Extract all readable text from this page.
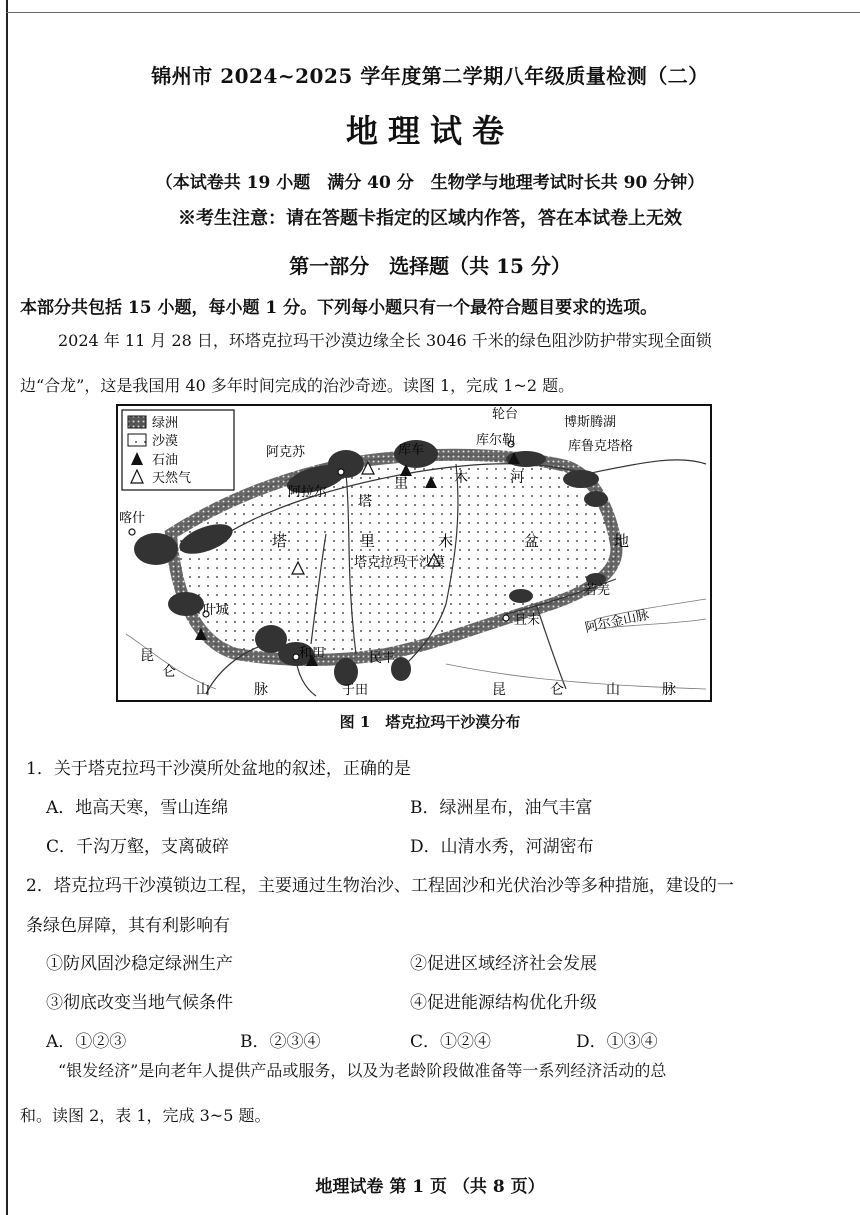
锦州市 2024~2025 学年度第二学期八年级质量检测（二）
地理试卷
（本试卷共 19 小题　满分 40 分　生物学与地理考试时长共 90 分钟）
※考生注意：请在答题卡指定的区域内作答，答在本试卷上无效
第一部分　选择题（共 15 分）
本部分共包括 15 小题，每小题 1 分。下列每小题只有一个最符合题目要求的选项。
2024 年 11 月 28 日，环塔克拉玛干沙漠边缘全长 3046 千米的绿色阻沙防护带实现全面锁
边“合龙”，这是我国用 40 多年时间完成的治沙奇迹。读图 1，完成 1~2 题。
绿洲
沙漠
石油
天然气
轮台
库尔勒
博斯腾湖
库鲁克塔格
喀什
阿克苏
阿拉尔
库车
叶城
和田	民丰
于田
且末
若羌
塔克拉玛干沙漠
阿尔金山脉
塔	里	木	盆	地
塔
里	木	河
昆
仑
山	脉	昆	仑	山	脉
图 1　塔克拉玛干沙漠分布
1．关于塔克拉玛干沙漠所处盆地的叙述，正确的是
A．地高天寒，雪山连绵	B．绿洲星布，油气丰富
C．千沟万壑，支离破碎	D．山清水秀，河湖密布
2．塔克拉玛干沙漠锁边工程，主要通过生物治沙、工程固沙和光伏治沙等多种措施，建设的一
条绿色屏障，其有利影响有
①防风固沙稳定绿洲生产	②促进区域经济社会发展
③彻底改变当地气候条件	④促进能源结构优化升级
A．①②③	B．②③④	C．①②④	D．①③④
“银发经济”是向老年人提供产品或服务，以及为老龄阶段做准备等一系列经济活动的总
和。读图 2，表 1，完成 3~5 题。
地理试卷 第 1 页 （共 8 页）
